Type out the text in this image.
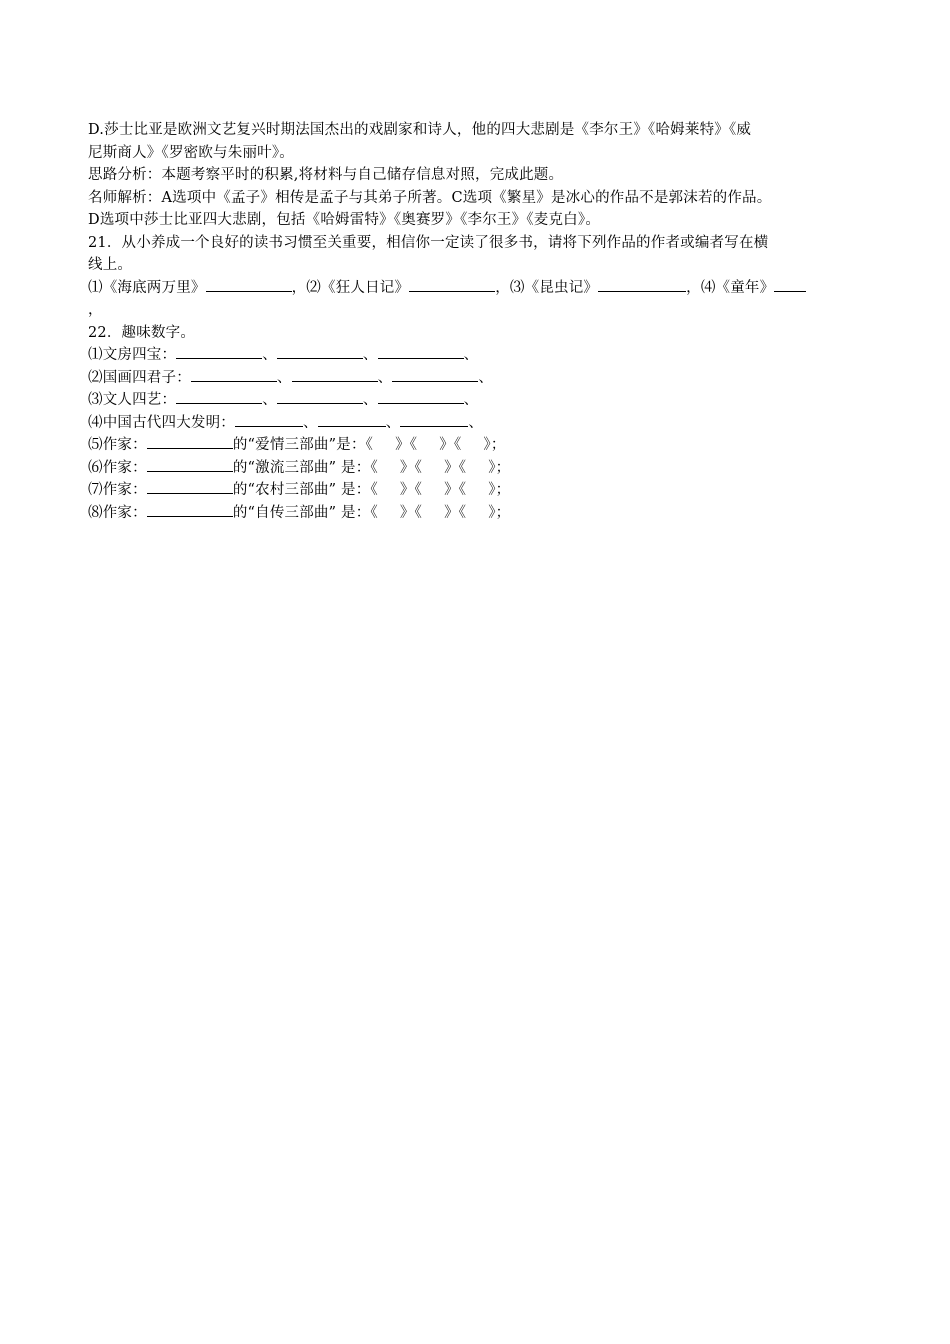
D.莎士比亚是欧洲文艺复兴时期法国杰出的戏剧家和诗人，他的四大悲剧是《李尔王》《哈姆莱特》《威
尼斯商人》《罗密欧与朱丽叶》。
思路分析：本题考察平时的积累,将材料与自己储存信息对照，完成此题。
名师解析：A选项中《孟子》相传是孟子与其弟子所著。C选项《繁星》是冰心的作品不是郭沫若的作品。
D选项中莎士比亚四大悲剧，包括《哈姆雷特》《奥赛罗》《李尔王》《麦克白》。
21．从小养成一个良好的读书习惯至关重要，相信你一定读了很多书，请将下列作品的作者或编者写在横
线上。
⑴《海底两万里》	，⑵《狂人日记》	，⑶《昆虫记》	，⑷《童年》
，
22．趣味数字。
⑴文房四宝：	、	、	、
⑵国画四君子：	、	、	、
⑶文人四艺：	、	、	、
⑷中国古代四大发明：	、	、	、
⑸作家：	的“爱情三部曲”是：《 》《 》《 》；
⑹作家：	的“激流三部曲” 是：《 》《 》《 》；
⑺作家：	的“农村三部曲” 是：《 》《 》《 》；
⑻作家：	的“自传三部曲” 是：《 》《 》《 》；
